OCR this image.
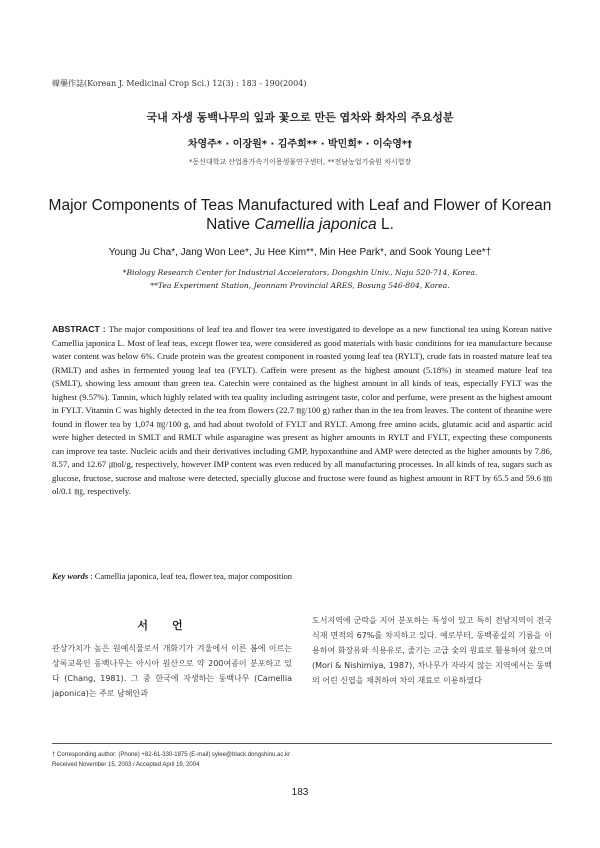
韓藥作誌(Korean J. Medicinal Crop Sci.) 12(3) : 183 - 190(2004)
국내 자생 동백나무의 잎과 꽃으로 만든 엽차와 화차의 주요성분
차영주* · 이장원* · 김주희** · 박민희* · 이숙영*†
*동신대학교 산업용가속기이용생물연구센터, **전남농업기술원 차시험장
Major Components of Teas Manufactured with Leaf and Flower of Korean Native Camellia japonica L.
Young Ju Cha*, Jang Won Lee*, Ju Hee Kim**, Min Hee Park*, and Sook Young Lee*†
*Biology Research Center for Industrial Accelerators, Dongshin Univ., Naju 520-714, Korea.
**Tea Experiment Station, Jeonnam Provincial ARES, Bosung 546-804, Korea.
ABSTRACT : The major compositions of leaf tea and flower tea were investigated to develope as a new functional tea using Korean native Camellia japonica L. Most of leaf teas, except flower tea, were considered as good materials with basic conditions for tea manufacture because water content was below 6%. Crude protein was the greatest component in roasted young leaf tea (RYLT), crude fats in roasted mature leaf tea (RMLT) and ashes in fermented young leaf tea (FYLT). Caffein were present as the highest amount (5.18%) in steamed mature leaf tea (SMLT), showing less amount than green tea. Catechin were contained as the highest amount in all kinds of teas, especially FYLT was the highest (9.57%). Tannin, which highly related with tea quality including astringent taste, color and perfume, were present as the highest amount in FYLT. Vitamin C was highly detected in the tea from flowers (22.7 ㎎/100 g) rather than in the tea from leaves. The content of theanine were found in flower tea by 1,074 ㎎/100 g, and had about twofold of FYLT and RYLT. Among free amino acids, glutamic acid and aspartic acid were higher detected in SMLT and RMLT while asparagine was present as higher amounts in RYLT and FYLT, expecting these components can improve tea taste. Nucleic acids and their derivatives including GMP, hypoxanthine and AMP were detected as the higher amounts by 7.86, 8.57, and 12.67 ㎛ol/g, respectively, however IMP content was even reduced by all manufacturing processes. In all kinds of tea, sugars such as glucose, fructose, sucrose and maltose were detected, specially glucose and fructose were found as highest amount in RFT by 65.5 and 59.6 ㎚ol/0.1 ㎎, respectively.
Key words : Camellia japonica, leaf tea, flower tea, major composition
서언
관상가치가 높은 원예식물로서 개화기가 겨울에서 이른 봄에 이르는 상록교목인 동백나무는 아시아 원산으로 약 200여종이 분포하고 있다 (Chang, 1981). 그 중 한국에 자생하는 동백나무 (Camellia japonica)는 주로 남해안과
도서지역에 군락을 지어 분포하는 특성이 있고 특히 전남지역이 전국 식재 면적의 67%를 차지하고 있다. 예로부터, 동백종실의 기름을 이용하여 화장유와 식용유로, 줄기는 고급 숯의 원료로 활용하여 왔으며 (Mori & Nishimiya, 1987), 차나무가 자라지 않는 지역에서는 동백의 어린 신엽을 채취하여 차의 재료로 이용하였다
† Corresponding author: (Phone) +82-61-330-1875 (E-mail) sylee@black.dongshinu.ac.kr
Received November 15, 2003 / Accepted April 19, 2004
183
